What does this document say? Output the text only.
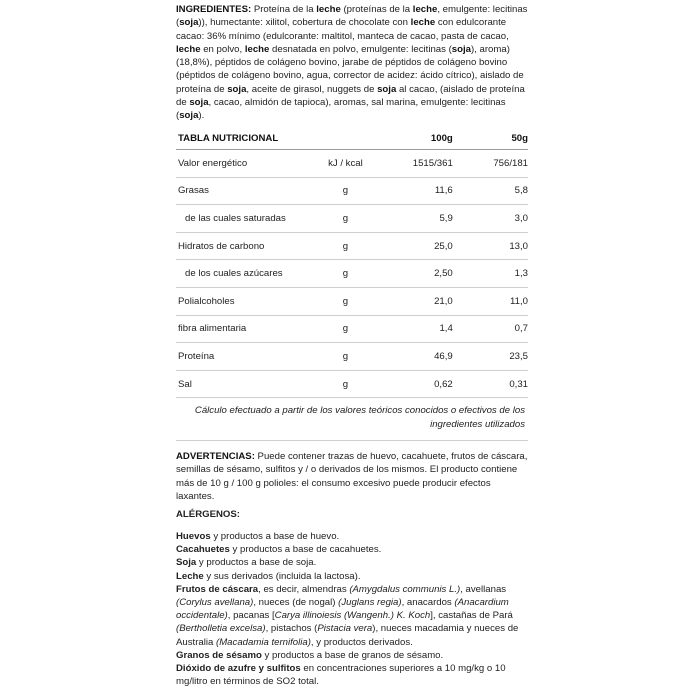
INGREDIENTES: Proteína de la leche (proteínas de la leche, emulgente: lecitinas (soja)), humectante: xilitol, cobertura de chocolate con leche con edulcorante cacao: 36% mínimo (edulcorante: maltitol, manteca de cacao, pasta de cacao, leche en polvo, leche desnatada en polvo, emulgente: lecitinas (soja), aroma) (18,8%), péptidos de colágeno bovino, jarabe de péptidos de colágeno bovino (péptidos de colágeno bovino, agua, corrector de acidez: ácido cítrico), aislado de proteína de soja, aceite de girasol, nuggets de soja al cacao, (aislado de proteína de soja, cacao, almidón de tapioca), aromas, sal marina, emulgente: lecitinas (soja).

TABLA NUTRICIONAL		100g	50g
Valor energético	kJ / kcal	1515/361	756/181
Grasas	g	11,6	5,8
de las cuales saturadas	g	5,9	3,0
Hidratos de carbono	g	25,0	13,0
de los cuales azúcares	g	2,50	1,3
Polialcoholes	g	21,0	11,0
fibra alimentaria	g	1,4	0,7
Proteína	g	46,9	23,5
Sal	g	0,62	0,31
Cálculo efectuado a partir de los valores teóricos conocidos o efectivos de los ingredientes utilizados

ADVERTENCIAS: Puede contener trazas de huevo, cacahuete, frutos de cáscara, semillas de sésamo, sulfitos y / o derivados de los mismos. El producto contiene más de 10 g / 100 g polioles: el consumo excesivo puede producir efectos laxantes.

ALÉRGENOS:

Huevos y productos a base de huevo.

Cacahuetes y productos a base de cacahuetes.

Soja y productos a base de soja.

Leche y sus derivados (incluida la lactosa).

Frutos de cáscara, es decir, almendras (Amygdalus communis L.), avellanas (Corylus avellana), nueces (de nogal) (Juglans regia), anacardos (Anacardium occidentale), pacanas [Carya illinoiesis (Wangenh.) K. Koch], castañas de Pará (Bertholletia excelsa), pistachos (Pistacia vera), nueces macadamia y nueces de Australia (Macadamia ternifolia), y productos derivados.

Granos de sésamo y productos a base de granos de sésamo.

Dióxido de azufre y sulfitos en concentraciones superiores a 10 mg/kg o 10 mg/litro en términos de SO2 total.
